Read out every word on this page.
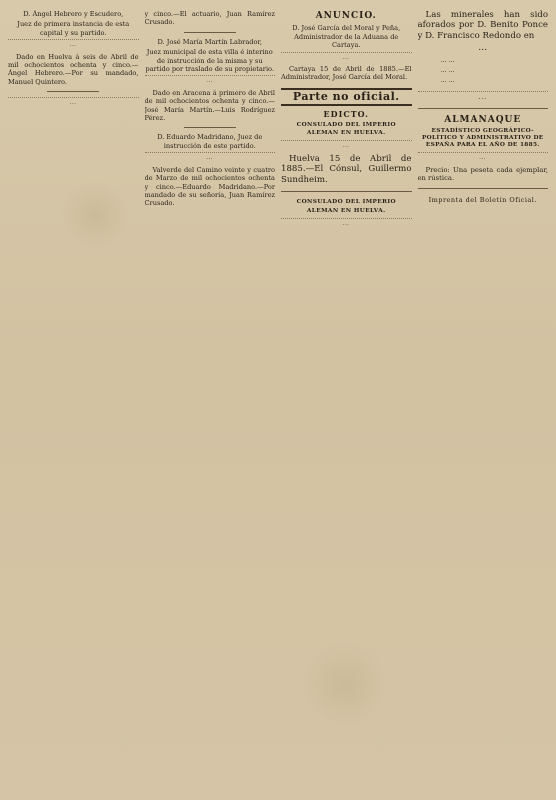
D. Ángel Hebrero y Escudero,

Juez de primera instancia de esta capital y su partido.

…

Dado en Huelva á seis de Abril de mil ochocientos ochenta y cinco.— Ángel Hebrero.—Por su mandado, Manuel Quintero.

…

y cinco.—El actuario, Juan Ramírez Crusado.

D. José María Martín Labrador,

Juez municipal de esta villa é interino de instrucción de la misma y su partido por traslado de su propietario.

…

Dado en Aracena á primero de Abril de mil ochocientos ochenta y cinco.—José María Martín.—Luis Rodríguez Pérez.

D. Eduardo Madridano, Juez de instrucción de este partido.

…

Valverde del Camino veinte y cuatro de Marzo de mil ochocientos ochenta y cinco.—Eduardo Madridano.—Por mandado de su señoría, Juan Ramírez Crusado.

ANUNCIO.

D. José García del Moral y Peña, Administrador de la Aduana de Cartaya.

…

Cartaya 15 de Abril de 1885.—El Administrador, José García del Moral.

Parte no oficial.
EDICTO.
CONSULADO DEL IMPERIO ALEMAN EN HUELVA.

…

Huelva 15 de Abril de 1885.—El Cónsul, Guillermo Sundheim.

CONSULADO DEL IMPERIO ALEMAN EN HUELVA.

…

Las minerales han sido aforados por D. Benito Ponce y D. Francisco Redondo en

…
…	…
…	…
…	…

…

ALMANAQUE
ESTADÍSTICO GEOGRÁFICO-POLÍTICO Y ADMINISTRATIVO DE ESPAÑA PARA EL AÑO DE 1885.

…

Precio: Una peseta cada ejemplar, en rústica.

Imprenta del Boletín Oficial.
